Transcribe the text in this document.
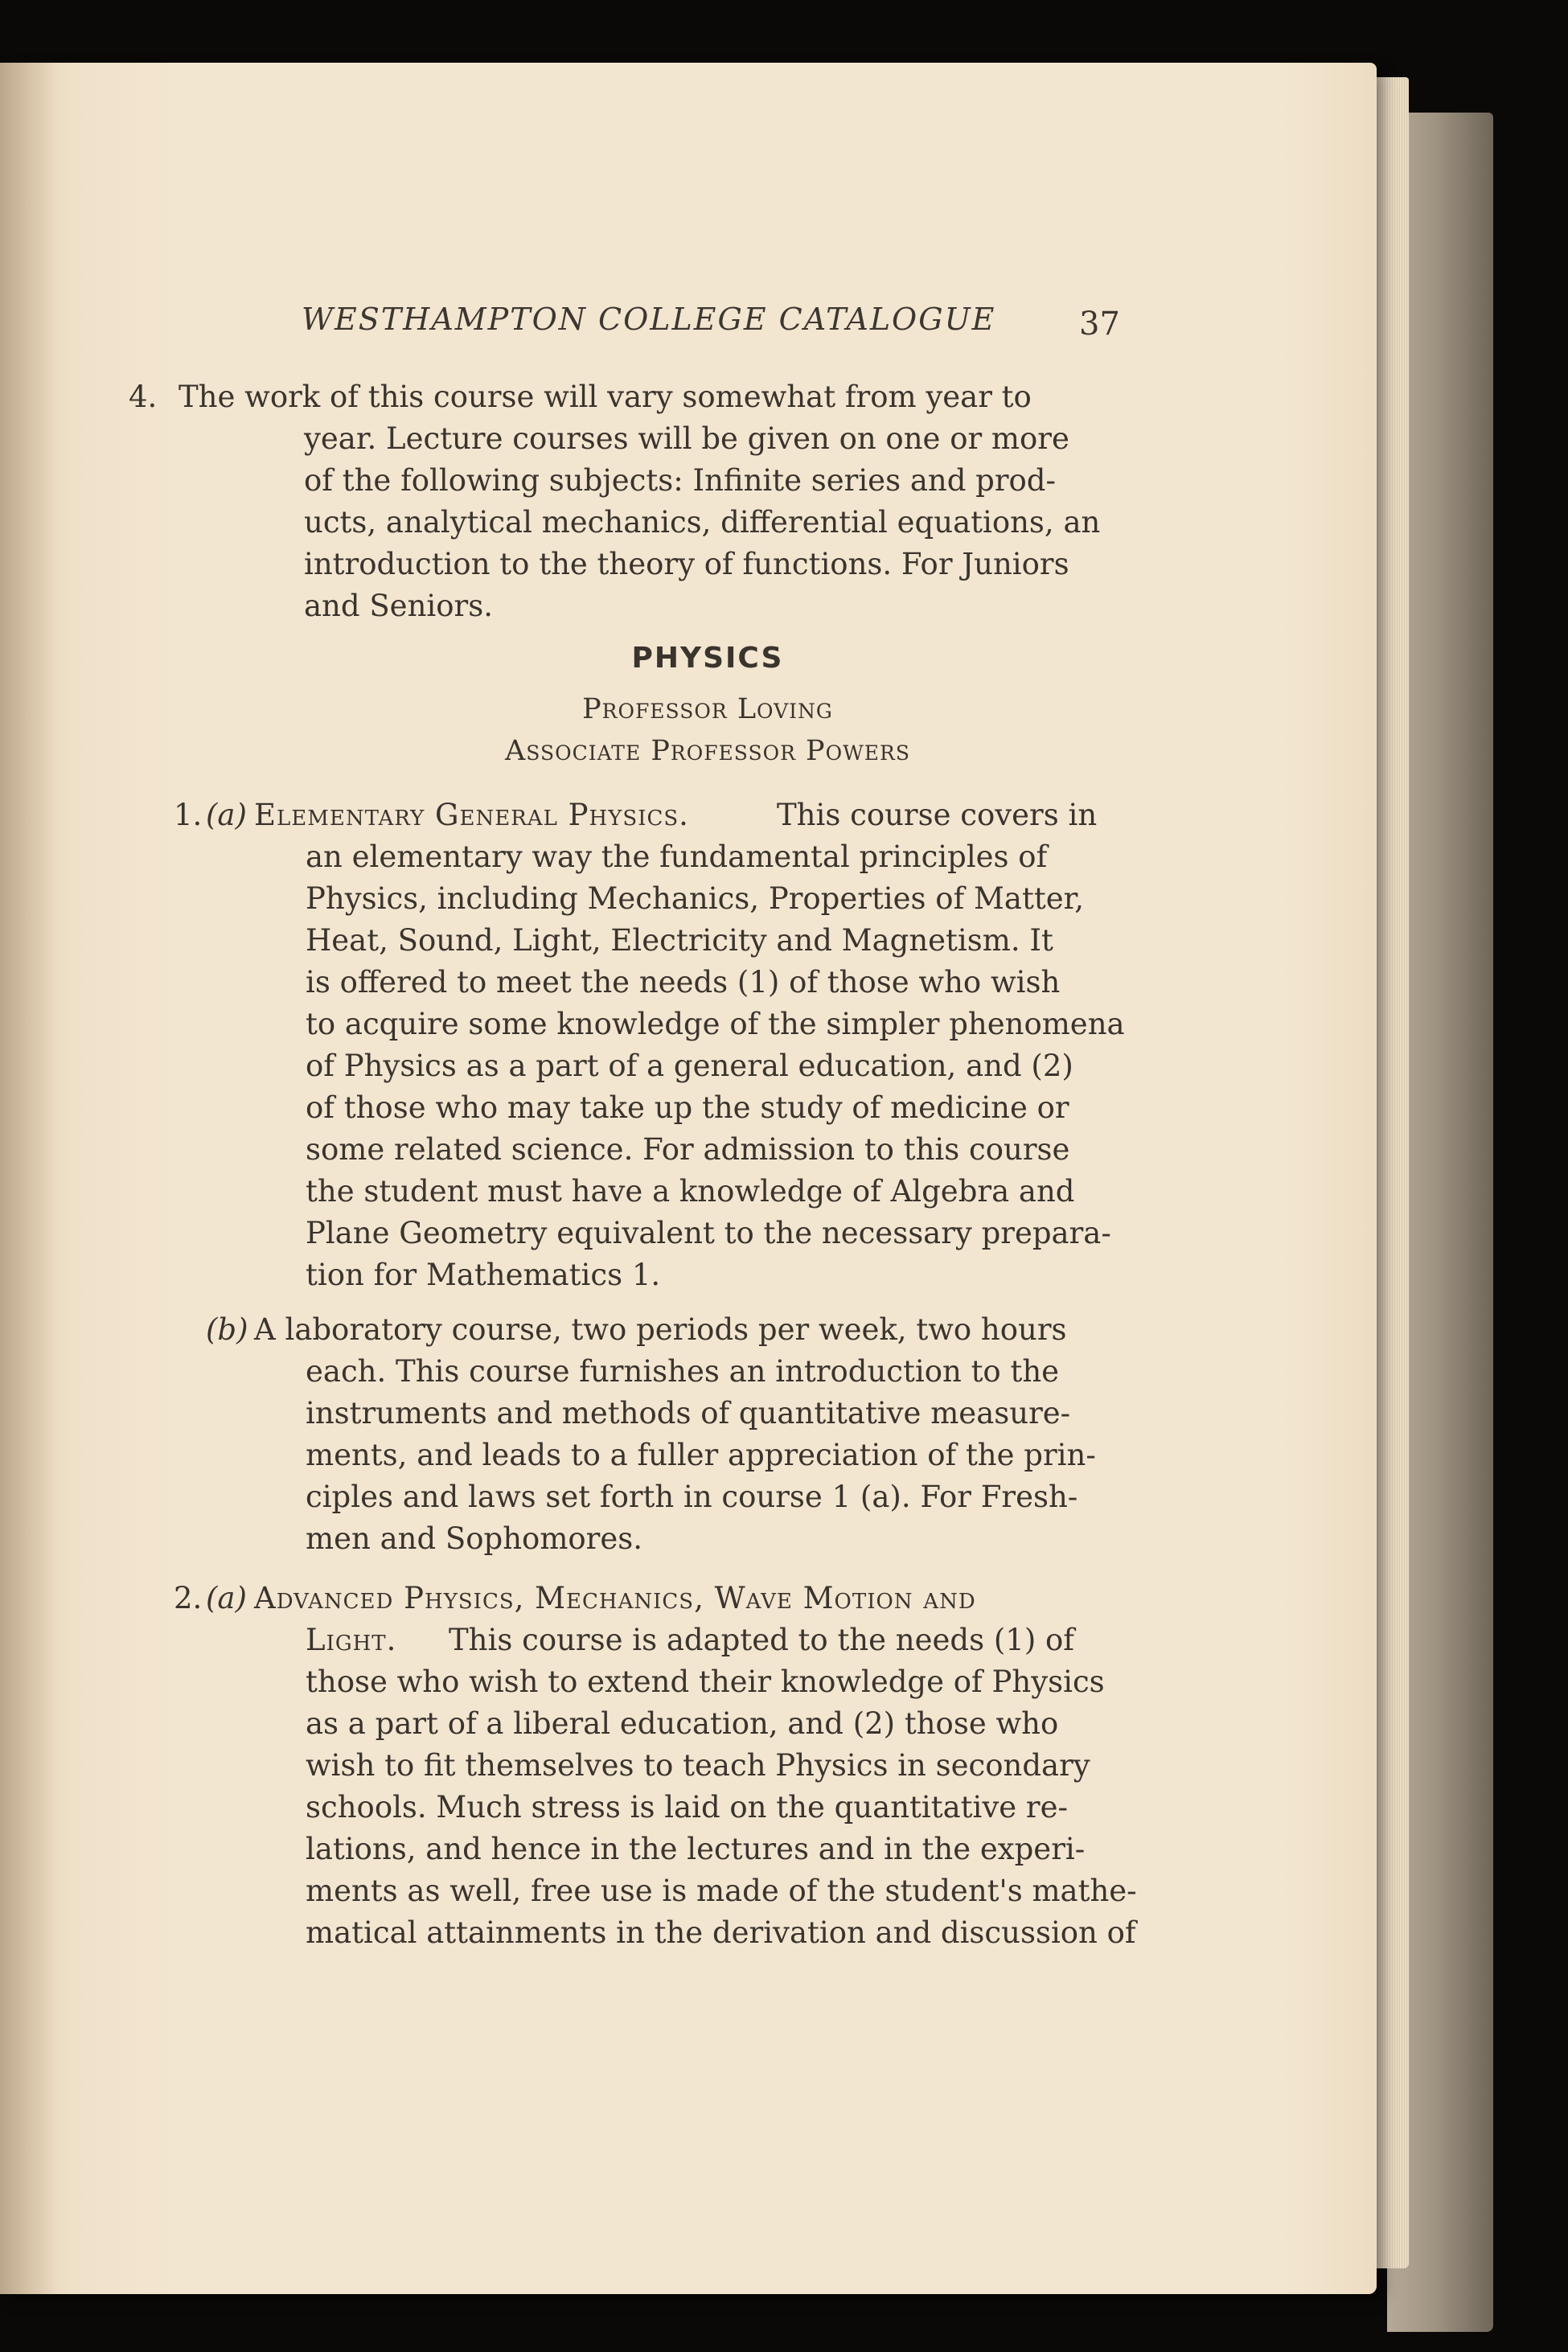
WESTHAMPTON COLLEGE CATALOGUE	37
4. The work of this course will vary somewhat from year to
year. Lecture courses will be given on one or more
of the following subjects: Infinite series and prod-
ucts, analytical mechanics, differential equations, an
introduction to the theory of functions. For Juniors
and Seniors.
PHYSICS
Professor Loving
Associate Professor Powers
1. (a) Elementary General Physics.	This course covers in
an elementary way the fundamental principles of
Physics, including Mechanics, Properties of Matter,
Heat, Sound, Light, Electricity and Magnetism. It
is offered to meet the needs (1) of those who wish
to acquire some knowledge of the simpler phenomena
of Physics as a part of a general education, and (2)
of those who may take up the study of medicine or
some related science. For admission to this course
the student must have a knowledge of Algebra and
Plane Geometry equivalent to the necessary prepara-
tion for Mathematics 1.
(b) A laboratory course, two periods per week, two hours
each. This course furnishes an introduction to the
instruments and methods of quantitative measure-
ments, and leads to a fuller appreciation of the prin-
ciples and laws set forth in course 1 (a). For Fresh-
men and Sophomores.
2. (a) Advanced Physics, Mechanics, Wave Motion and
Light. This course is adapted to the needs (1) of
those who wish to extend their knowledge of Physics
as a part of a liberal education, and (2) those who
wish to fit themselves to teach Physics in secondary
schools. Much stress is laid on the quantitative re-
lations, and hence in the lectures and in the experi-
ments as well, free use is made of the student's mathe-
matical attainments in the derivation and discussion of
